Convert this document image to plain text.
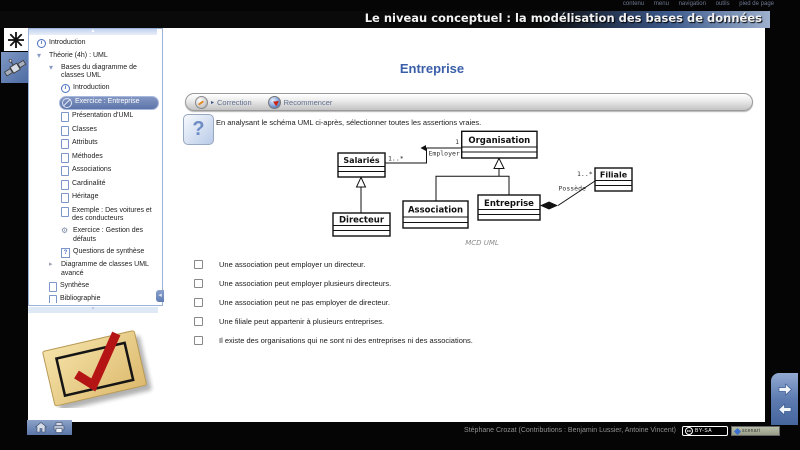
contenu menu navigation outils pied de page
Rechercher
Le niveau conceptuel : la modélisation des bases de données
▲
i
Introduction
▾
Théorie (4h) : UML
▾
Bases du diagramme de classes UML
i
Introduction
Exercice : Entreprise
Présentation d'UML
Classes
Attributs
Méthodes
Associations
Cardinalité
Héritage
Exemple : Des voitures et des conducteurs
⚙
Exercice : Gestion des défauts
?
Questions de synthèse
▸
Diagramme de classes UML avancé
Synthèse
Bibliographie
▼
◂
Entreprise
▸ Correction	Recommencer
?	En analysant le schéma UML ci-après, sélectionner toutes les assertions vraies.
Salariés
Organisation
Directeur
Association
Entreprise
Filiale
Employer
1
1..*
Possède
1..*
MCD UML
Une association peut employer un directeur.
Une association peut employer plusieurs directeurs.
Une association peut ne pas employer de directeur.
Une filiale peut appartenir à plusieurs entreprises.
Il existe des organisations qui ne sont ni des entreprises ni des associations.
Stéphane Crozat (Contributions : Benjamin Lussier, Antoine Vincent)	cc BY-SA	scenari
